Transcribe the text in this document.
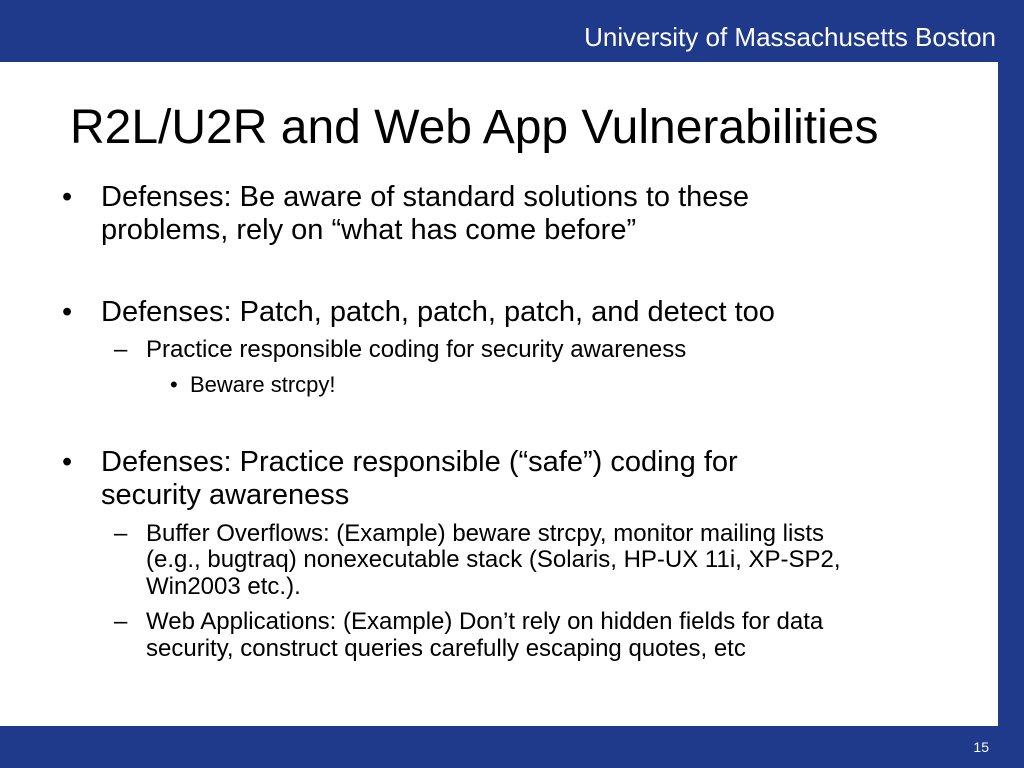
University of Massachusetts Boston
15
R2L/U2R and Web App Vulnerabilities
• Defenses: Be aware of standard solutions to these
problems, rely on “what has come before”
• Defenses: Patch, patch, patch, patch, and detect too
– Practice responsible coding for security awareness
• Beware strcpy!
• Defenses: Practice responsible (“safe”) coding for
security awareness
– Buffer Overflows: (Example) beware strcpy, monitor mailing lists
(e.g., bugtraq) nonexecutable stack (Solaris, HP-UX 11i, XP-SP2,
Win2003 etc.).
– Web Applications: (Example) Don’t rely on hidden fields for data
security, construct queries carefully escaping quotes, etc
